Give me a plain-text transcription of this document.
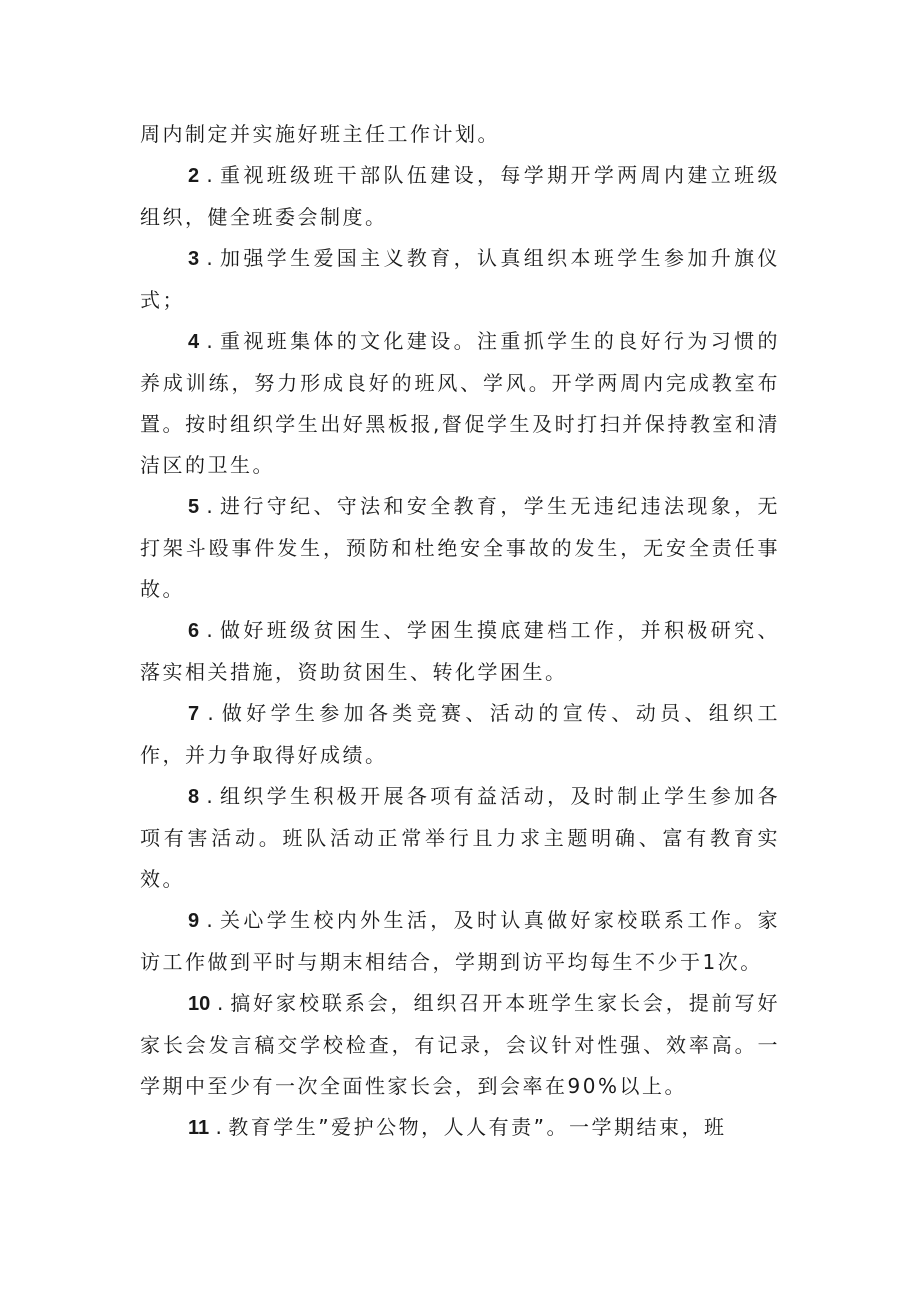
周内制定并实施好班主任工作计划。

2 . 重视班级班干部队伍建设，每学期开学两周内建立班级组织，健全班委会制度。

3 . 加强学生爱国主义教育，认真组织本班学生参加升旗仪式；

4 . 重视班集体的文化建设。注重抓学生的良好行为习惯的养成训练，努力形成良好的班风、学风。开学两周内完成教室布置。按时组织学生出好黑板报,督促学生及时打扫并保持教室和清洁区的卫生。

5 . 进行守纪、守法和安全教育，学生无违纪违法现象，无打架斗殴事件发生，预防和杜绝安全事故的发生，无安全责任事故。

6 . 做好班级贫困生、学困生摸底建档工作，并积极研究、落实相关措施，资助贫困生、转化学困生。

7 . 做好学生参加各类竞赛、活动的宣传、动员、组织工作，并力争取得好成绩。

8 . 组织学生积极开展各项有益活动，及时制止学生参加各项有害活动。班队活动正常举行且力求主题明确、富有教育实效。

9 . 关心学生校内外生活，及时认真做好家校联系工作。家访工作做到平时与期末相结合，学期到访平均每生不少于1次。

10 . 搞好家校联系会，组织召开本班学生家长会，提前写好家长会发言稿交学校检查，有记录，会议针对性强、效率高。一学期中至少有一次全面性家长会，到会率在90%以上。

11 . 教育学生”爱护公物，人人有责”。一学期结束，班
